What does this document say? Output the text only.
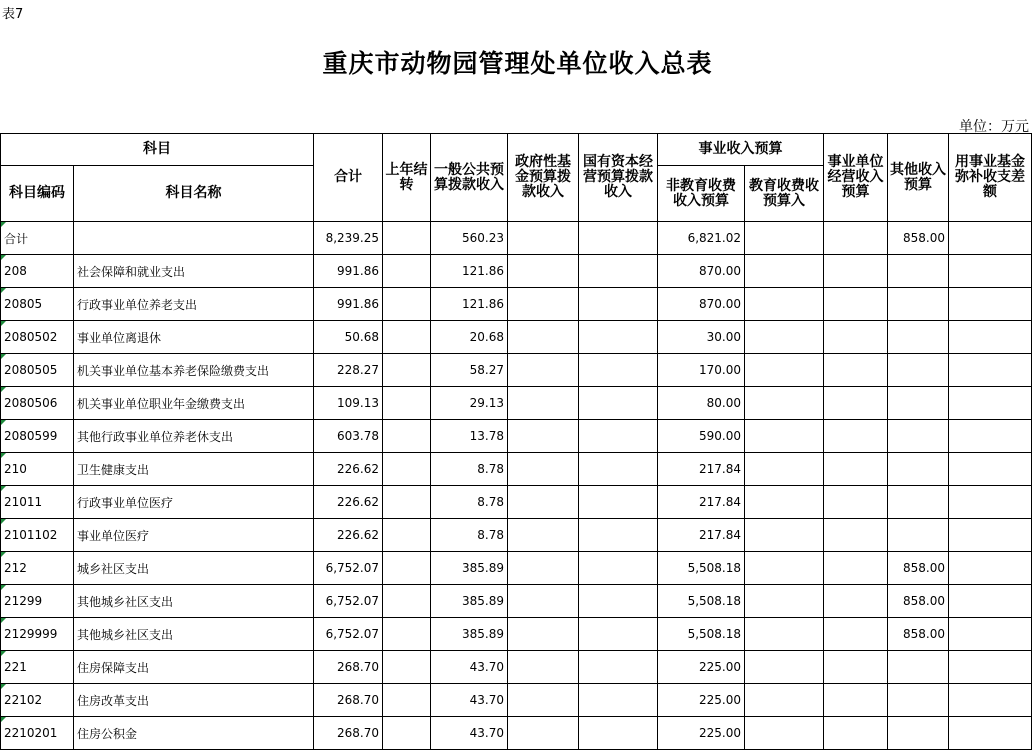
表7
重庆市动物园管理处单位收入总表
单位：万元
科目		合计	上年结转	一般公共预算拨款收入	政府性基金预算拨款收入	国有资本经营预算拨款收入	事业收入预算		事业单位经营收入预算	其他收入预算	用事业基金弥补收支差额
科目编码	科目名称						非教育收费收入预算	教育收费收预算入			
合计		8,239.25		560.23			6,821.02			858.00	
208	社会保障和就业支出	991.86		121.86			870.00				
20805	行政事业单位养老支出	991.86		121.86			870.00				
2080502	事业单位离退休	50.68		20.68			30.00				
2080505	机关事业单位基本养老保险缴费支出	228.27		58.27			170.00				
2080506	机关事业单位职业年金缴费支出	109.13		29.13			80.00				
2080599	其他行政事业单位养老休支出	603.78		13.78			590.00				
210	卫生健康支出	226.62		8.78			217.84				
21011	行政事业单位医疗	226.62		8.78			217.84				
2101102	事业单位医疗	226.62		8.78			217.84				
212	城乡社区支出	6,752.07		385.89			5,508.18			858.00	
21299	其他城乡社区支出	6,752.07		385.89			5,508.18			858.00	
2129999	其他城乡社区支出	6,752.07		385.89			5,508.18			858.00	
221	住房保障支出	268.70		43.70			225.00				
22102	住房改革支出	268.70		43.70			225.00				
2210201	住房公积金	268.70		43.70			225.00				
